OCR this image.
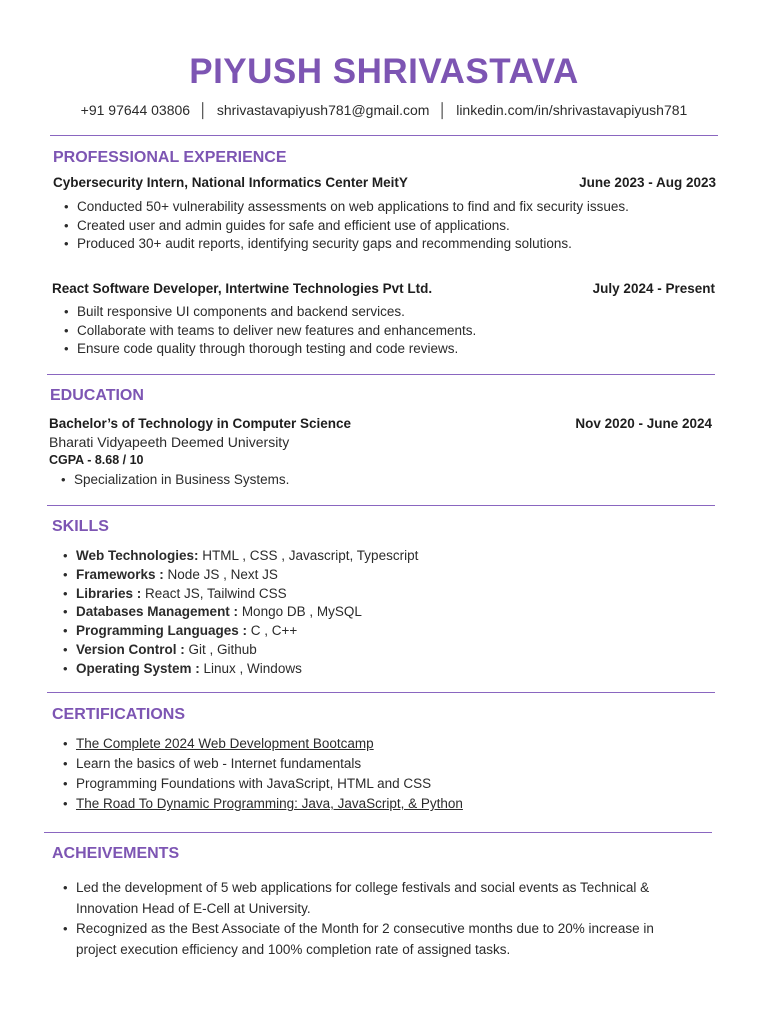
PIYUSH SHRIVASTAVA
+91 97644 03806 │ shrivastavapiyush781@gmail.com │ linkedin.com/in/shrivastavapiyush781
PROFESSIONAL EXPERIENCE
Cybersecurity Intern, National Informatics Center MeitY	June 2023 - Aug 2023
• Conducted 50+ vulnerability assessments on web applications to find and fix security issues.
• Created user and admin guides for safe and efficient use of applications.
• Produced 30+ audit reports, identifying security gaps and recommending solutions.
React Software Developer, Intertwine Technologies Pvt Ltd.	July 2024 - Present
• Built responsive UI components and backend services.
• Collaborate with teams to deliver new features and enhancements.
• Ensure code quality through thorough testing and code reviews.
EDUCATION
Bachelor’s of Technology in Computer Science	Nov 2020 - June 2024
Bharati Vidyapeeth Deemed University
CGPA - 8.68 / 10
• Specialization in Business Systems.
SKILLS
• Web Technologies: HTML , CSS , Javascript, Typescript
• Frameworks : Node JS , Next JS
• Libraries : React JS, Tailwind CSS
• Databases Management : Mongo DB , MySQL
• Programming Languages : C , C++
• Version Control : Git , Github
• Operating System : Linux , Windows
CERTIFICATIONS
• The Complete 2024 Web Development Bootcamp
• Learn the basics of web - Internet fundamentals
• Programming Foundations with JavaScript, HTML and CSS
• The Road To Dynamic Programming: Java, JavaScript, & Python
ACHEIVEMENTS
• Led the development of 5 web applications for college festivals and social events as Technical & Innovation Head of E-Cell at University.
• Recognized as the Best Associate of the Month for 2 consecutive months due to 20% increase in project execution efficiency and 100% completion rate of assigned tasks.
